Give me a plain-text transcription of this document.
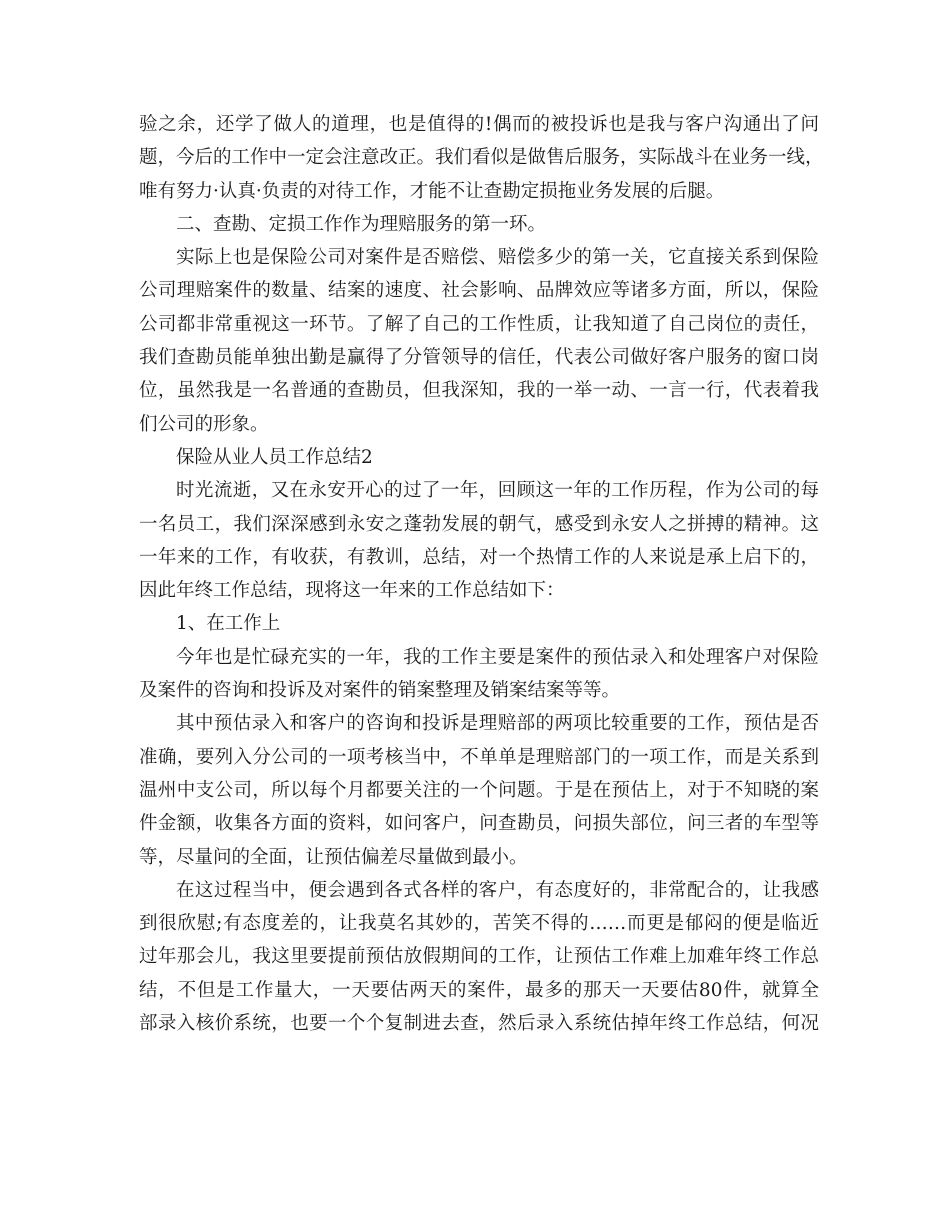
验之余，还学了做人的道理，也是值得的!偶而的被投诉也是我与客户沟通出了问
题，今后的工作中一定会注意改正。我们看似是做售后服务，实际战斗在业务一线，
唯有努力·认真·负责的对待工作，才能不让查勘定损拖业务发展的后腿。
二、查勘、定损工作作为理赔服务的第一环。
实际上也是保险公司对案件是否赔偿、赔偿多少的第一关，它直接关系到保险
公司理赔案件的数量、结案的速度、社会影响、品牌效应等诸多方面，所以，保险
公司都非常重视这一环节。了解了自己的工作性质，让我知道了自己岗位的责任，
我们查勘员能单独出勤是赢得了分管领导的信任，代表公司做好客户服务的窗口岗
位，虽然我是一名普通的查勘员，但我深知，我的一举一动、一言一行，代表着我
们公司的形象。
保险从业人员工作总结2
时光流逝，又在永安开心的过了一年，回顾这一年的工作历程，作为公司的每
一名员工，我们深深感到永安之蓬勃发展的朝气，感受到永安人之拼搏的精神。这
一年来的工作，有收获，有教训，总结，对一个热情工作的人来说是承上启下的，
因此年终工作总结，现将这一年来的工作总结如下：
1、在工作上
今年也是忙碌充实的一年，我的工作主要是案件的预估录入和处理客户对保险
及案件的咨询和投诉及对案件的销案整理及销案结案等等。
其中预估录入和客户的咨询和投诉是理赔部的两项比较重要的工作，预估是否
准确，要列入分公司的一项考核当中，不单单是理赔部门的一项工作，而是关系到
温州中支公司，所以每个月都要关注的一个问题。于是在预估上，对于不知晓的案
件金额，收集各方面的资料，如问客户，问查勘员，问损失部位，问三者的车型等
等，尽量问的全面，让预估偏差尽量做到最小。
在这过程当中，便会遇到各式各样的客户，有态度好的，非常配合的，让我感
到很欣慰;有态度差的，让我莫名其妙的，苦笑不得的……而更是郁闷的便是临近
过年那会儿，我这里要提前预估放假期间的工作，让预估工作难上加难年终工作总
结，不但是工作量大，一天要估两天的案件，最多的那天一天要估80件，就算全
部录入核价系统，也要一个个复制进去查，然后录入系统估掉年终工作总结，何况
